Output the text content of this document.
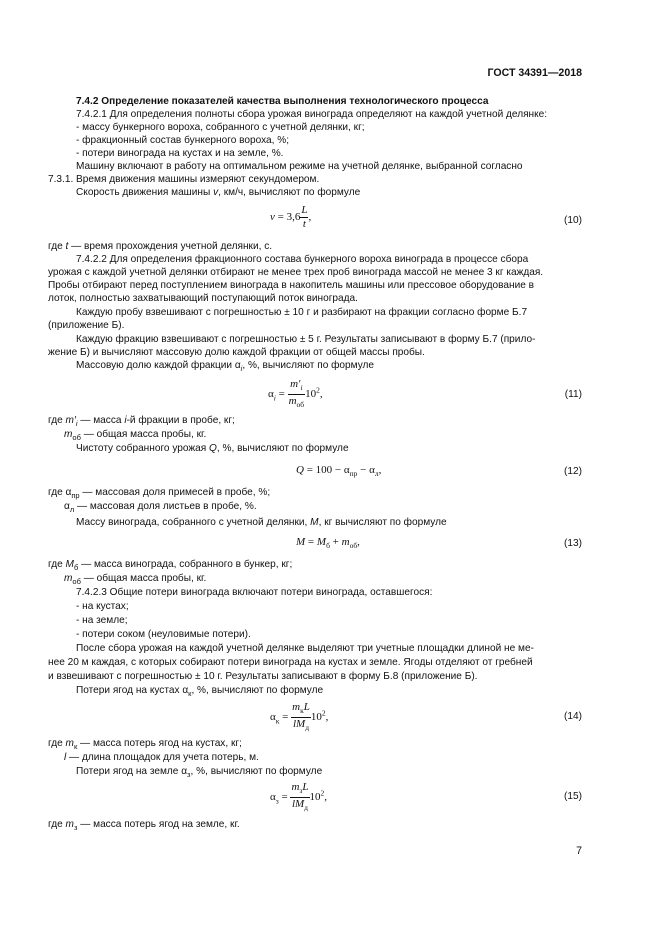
ГОСТ 34391—2018
7.4.2 Определение показателей качества выполнения технологического процесса
7.4.2.1 Для определения полноты сбора урожая винограда определяют на каждой учетной делянке:
- массу бункерного вороха, собранного с учетной делянки, кг;
- фракционный состав бункерного вороха, %;
- потери винограда на кустах и на земле, %.
Машину включают в работу на оптимальном режиме на учетной делянке, выбранной согласно
7.3.1. Время движения машины измеряют секундомером.
Скорость движения машины v, км/ч, вычисляют по формуле
$v = 3,6 \frac{L}{t}$ ,	(10)
где t — время прохождения учетной делянки, с.
7.4.2.2 Для определения фракционного состава бункерного вороха винограда в процессе сбора
урожая с каждой учетной делянки отбирают не менее трех проб винограда массой не менее 3 кг каждая.
Пробы отбирают перед поступлением винограда в накопитель машины или прессовое оборудование в
лоток, полностью захватывающий поступающий поток винограда.
Каждую пробу взвешивают с погрешностью ± 10 г и разбирают на фракции согласно форме Б.7
(приложение Б).
Каждую фракцию взвешивают с погрешностью ± 5 г. Результаты записывают в форму Б.7 (прило-
жение Б) и вычисляют массовую долю каждой фракции от общей массы пробы.
Массовую долю каждой фракции $\alpha_i$, %, вычисляют по формуле
$\alpha_i = \frac{m'_i}{m_{об}} 10^2$,	(11)
где $m'_i$ — масса i-й фракции в пробе, кг;
$m_{об}$ — общая масса пробы, кг.
Чистоту собранного урожая Q, %, вычисляют по формуле
$Q = 100 - \alpha_{пр} - \alpha_л$,	(12)
где $\alpha_{пр}$ — массовая доля примесей в пробе, %;
$\alpha_л$ — массовая доля листьев в пробе, %.
Массу винограда, собранного с учетной делянки, M, кг вычисляют по формуле
$M = M_б + m_{об}$,	(13)
где $M_б$ — масса винограда, собранного в бункер, кг;
$m_{об}$ — общая масса пробы, кг.
7.4.2.3 Общие потери винограда включают потери винограда, оставшегося:
- на кустах;
- на земле;
- потери соком (неуловимые потери).
После сбора урожая на каждой учетной делянке выделяют три учетные площадки длиной не ме-
нее 20 м каждая, с которых собирают потери винограда на кустах и земле. Ягоды отделяют от гребней
и взвешивают с погрешностью ± 10 г. Результаты записывают в форму Б.8 (приложение Б).
Потери ягод на кустах $\alpha_к$, %, вычисляют по формуле
$\alpha_к = \frac{m_кL}{lM_д} 10^2$,	(14)
где $m_к$ — масса потерь ягод на кустах, кг;
l — длина площадок для учета потерь, м.
Потери ягод на земле $\alpha_з$, %, вычисляют по формуле
$\alpha_з = \frac{m_зL}{lM_д} 10^2$,	(15)
где $m_з$ — масса потерь ягод на земле, кг.
7
